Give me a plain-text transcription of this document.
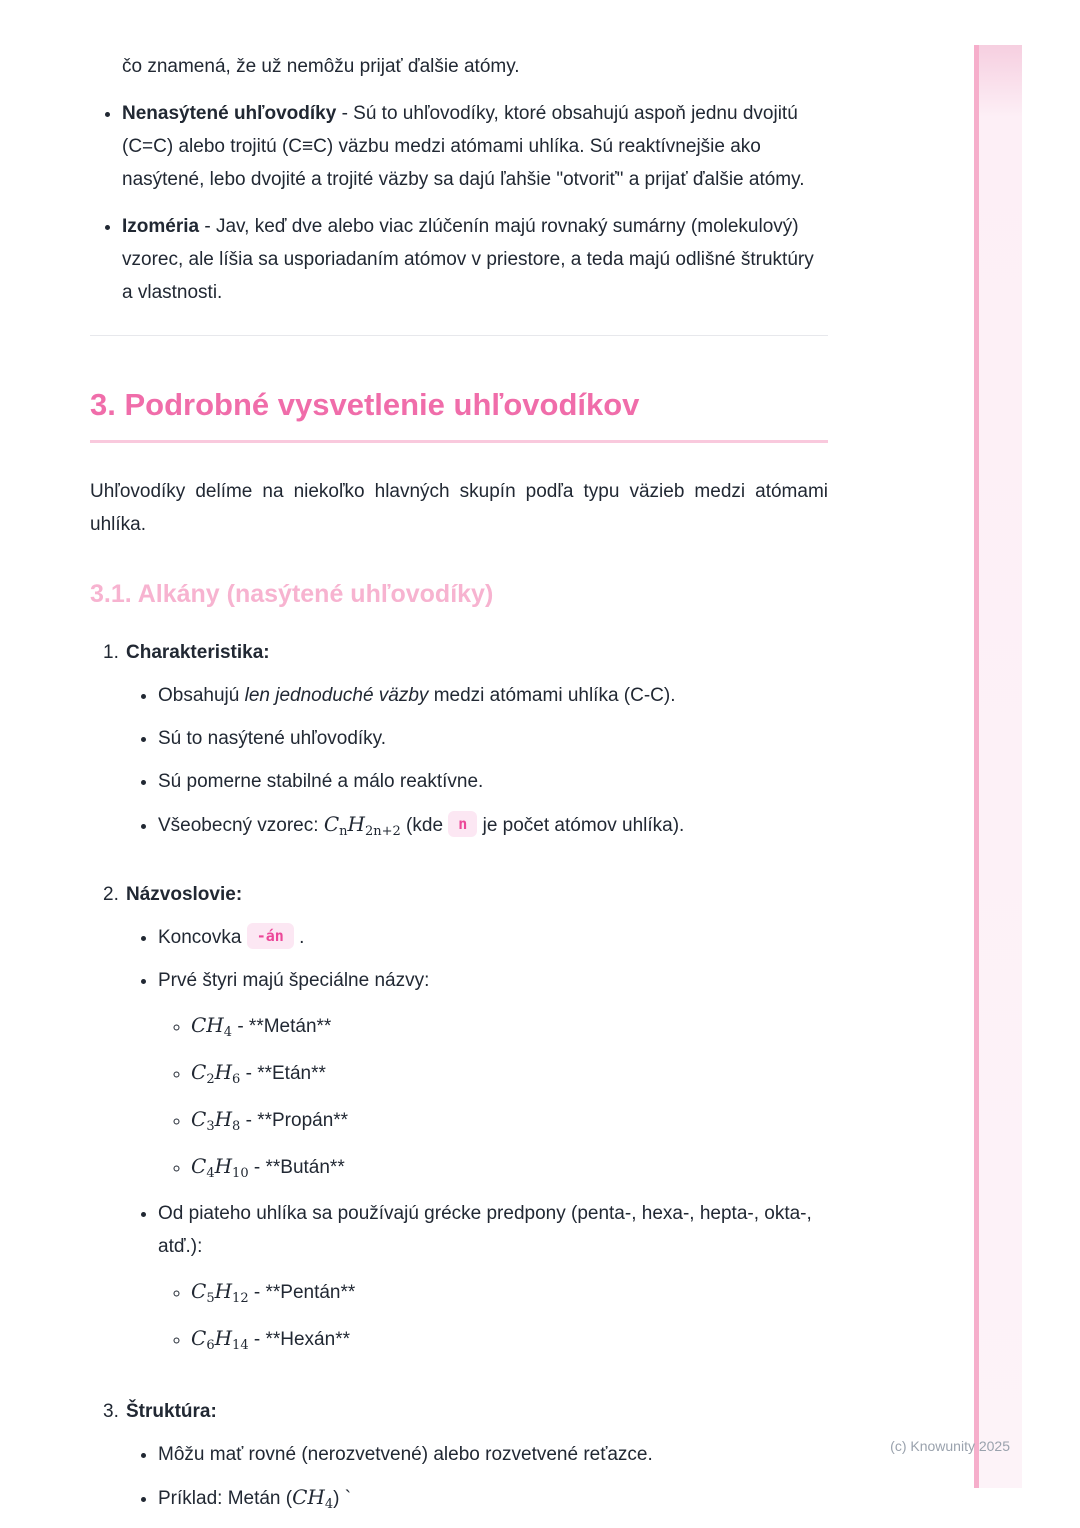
čo znamená, že už nemôžu prijať ďalšie atómy.

• Nenasýtené uhľovodíky - Sú to uhľovodíky, ktoré obsahujú aspoň jednu dvojitú (C=C) alebo trojitú (C≡C) väzbu medzi atómami uhlíka. Sú reaktívnejšie ako nasýtené, lebo dvojité a trojité väzby sa dajú ľahšie "otvoriť" a prijať ďalšie atómy.
• Izoméria - Jav, keď dve alebo viac zlúčenín majú rovnaký sumárny (molekulový) vzorec, ale líšia sa usporiadaním atómov v priestore, a teda majú odlišné štruktúry a vlastnosti.
3. Podrobné vysvetlenie uhľovodíkov

Uhľovodíky delíme na niekoľko hlavných skupín podľa typu väzieb medzi atómami uhlíka.

3.1. Alkány (nasýtené uhľovodíky)
1. Charakteristika:
• Obsahujú len jednoduché väzby medzi atómami uhlíka (C-C).
• Sú to nasýtené uhľovodíky.
• Sú pomerne stabilné a málo reaktívne.
• Všeobecný vzorec: $C_nH_{2n+2}$ (kde n je počet atómov uhlíka).
2. Názvoslovie:
• Koncovka -án .
• Prvé štyri majú špeciálne názvy:
◦ $CH_4$ - **Metán**
◦ $C_2H_6$ - **Etán**
◦ $C_3H_8$ - **Propán**
◦ $C_4H_{10}$ - **Bután**
• Od piateho uhlíka sa používajú grécke predpony (penta-, hexa-, hepta-, okta-, atď.):
◦ $C_5H_{12}$ - **Pentán**
◦ $C_6H_{14}$ - **Hexán**
3. Štruktúra:
• Môžu mať rovné (nerozvetvené) alebo rozvetvené reťazce.
• Príklad: Metán $(CH_4)$ `
(c) Knowunity 2025
